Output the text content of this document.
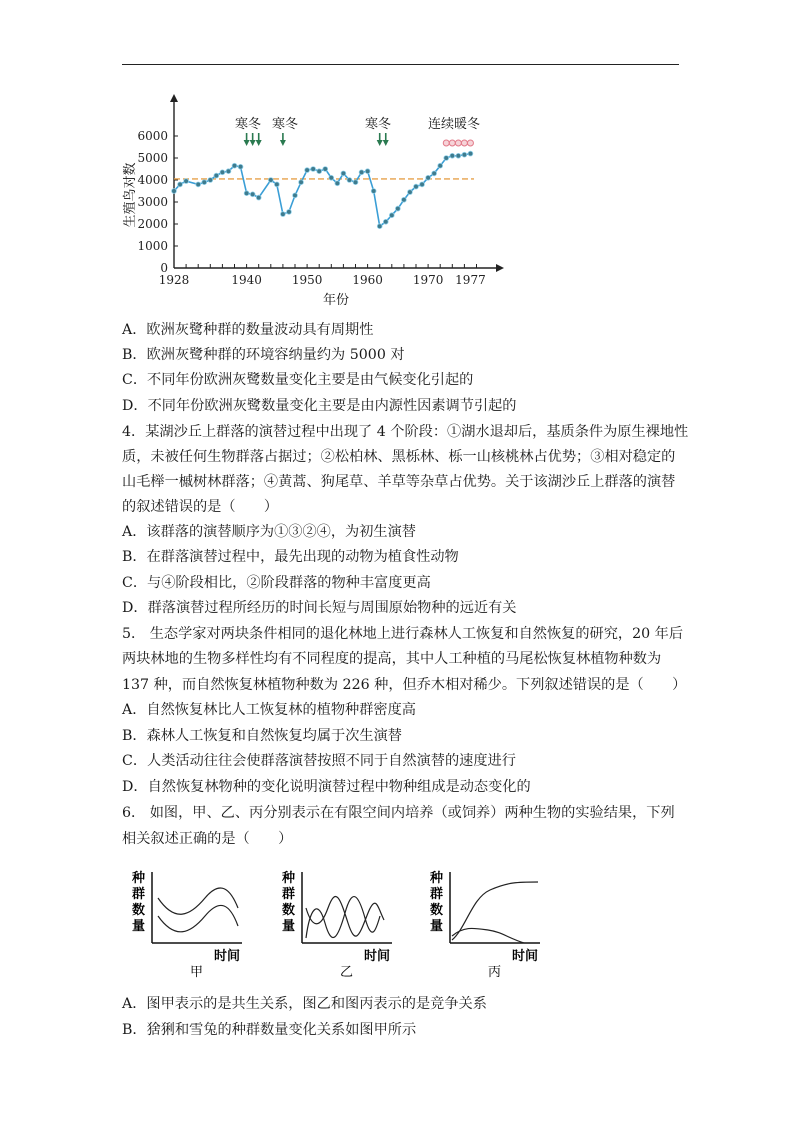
0
1000
2000
3000
4000
5000
6000
1928	1940 1950 1960 1970 1977
生殖鸟对数
年份
寒冬 寒冬	寒冬	连续暖冬
A．欧洲灰鹭种群的数量波动具有周期性
B．欧洲灰鹭种群的环境容纳量约为 5000 对
C．不同年份欧洲灰鹭数量变化主要是由气候变化引起的
D．不同年份欧洲灰鹭数量变化主要是由内源性因素调节引起的
4．某湖沙丘上群落的演替过程中出现了 4 个阶段：①湖水退却后，基质条件为原生裸地性
质，未被任何生物群落占据过；②松柏林、黑栎林、栎一山核桃林占优势；③相对稳定的
山毛榉一槭树林群落；④黄蒿、狗尾草、羊草等杂草占优势。关于该湖沙丘上群落的演替
的叙述错误的是（　　）
A．该群落的演替顺序为①③②④，为初生演替
B．在群落演替过程中，最先出现的动物为植食性动物
C．与④阶段相比，②阶段群落的物种丰富度更高
D．群落演替过程所经历的时间长短与周围原始物种的远近有关
5． 生态学家对两块条件相同的退化林地上进行森林人工恢复和自然恢复的研究，20 年后
两块林地的生物多样性均有不同程度的提高，其中人工种植的马尾松恢复林植物种数为
137 种，而自然恢复林植物种数为 226 种，但乔木相对稀少。下列叙述错误的是（　　）
A．自然恢复林比人工恢复林的植物种群密度高
B．森林人工恢复和自然恢复均属于次生演替
C．人类活动往往会使群落演替按照不同于自然演替的速度进行
D．自然恢复林物种的变化说明演替过程中物种组成是动态变化的
6． 如图，甲、乙、丙分别表示在有限空间内培养（或饲养）两种生物的实验结果，下列
相关叙述正确的是（　　）
种
群
数
量
时间
甲
种
群
数
量
时间
乙
种
群
数
量
时间
丙
A．图甲表示的是共生关系，图乙和图丙表示的是竞争关系
B．猞猁和雪兔的种群数量变化关系如图甲所示
